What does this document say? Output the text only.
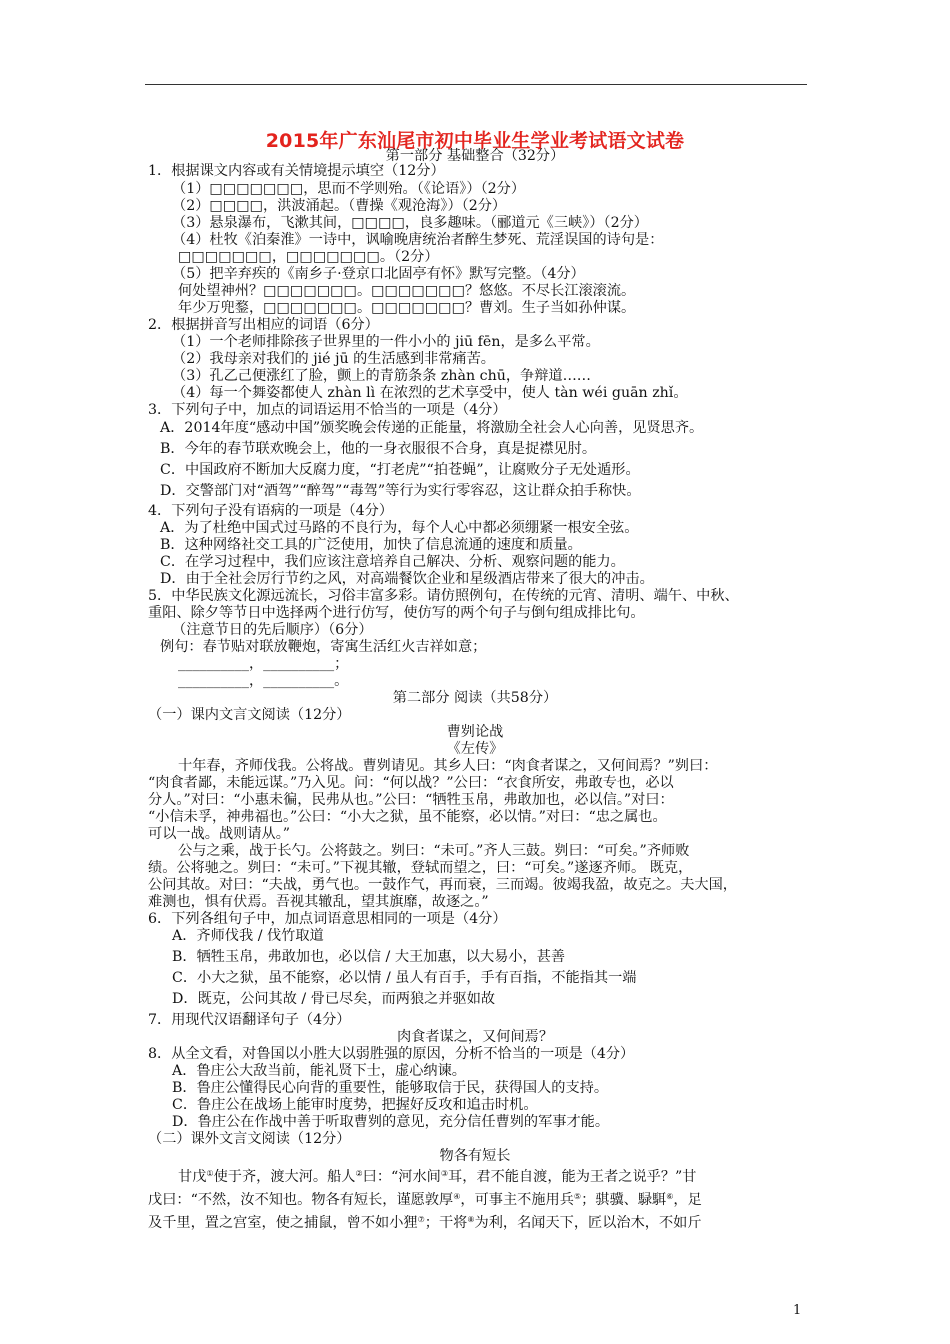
2015年广东汕尾市初中毕业生学业考试语文试卷
第一部分 基础整合（32分）
1．根据课文内容或有关情境提示填空（12分）
（1）□□□□□□□，思而不学则殆。（《论语》）（2分）
（2）□□□□，洪波涌起。（曹操《观沧海》）（2分）
（3）悬泉瀑布，飞漱其间，□□□□，良多趣味。（郦道元《三峡》）（2分）
（4）杜牧《泊秦淮》一诗中，讽喻晚唐统治者醉生梦死、荒淫误国的诗句是：
□□□□□□□，□□□□□□□。（2分）
（5）把辛弃疾的《南乡子·登京口北固亭有怀》默写完整。（4分）
何处望神州？□□□□□□□。□□□□□□□？悠悠。不尽长江滚滚流。
年少万兜鍪，□□□□□□□。□□□□□□□？曹刘。生子当如孙仲谋。
2．根据拼音写出相应的词语（6分）
（1）一个老师排除孩子世界里的一件小小的 jiū fēn，是多么平常。
（2）我母亲对我们的 jié jū 的生活感到非常痛苦。
（3）孔乙己便涨红了脸，颤上的青筋条条 zhàn chū，争辩道……
（4）每一个舞姿都使人 zhàn lì 在浓烈的艺术享受中，使人 tàn wéi guān zhǐ。
3．下列句子中，加点的词语运用不恰当的一项是（4分）
A．2014年度“感动中国”颁奖晚会传递的正能量，将激励全社会人心向善，见贤思齐。
B．今年的春节联欢晚会上，他的一身衣服很不合身，真是捉襟见肘。
C．中国政府不断加大反腐力度，“打老虎”“拍苍蝇”，让腐败分子无处遁形。
D．交警部门对“酒驾”“醉驾”“毒驾”等行为实行零容忍，这让群众拍手称快。
4．下列句子没有语病的一项是（4分）
A．为了杜绝中国式过马路的不良行为，每个人心中都必须绷紧一根安全弦。
B．这种网络社交工具的广泛使用，加快了信息流通的速度和质量。
C．在学习过程中，我们应该注意培养自己解决、分析、观察问题的能力。
D．由于全社会厉行节约之风，对高端餐饮企业和星级酒店带来了很大的冲击。
5．中华民族文化源远流长，习俗丰富多彩。请仿照例句，在传统的元宵、清明、端午、中秋、
重阳、除夕等节日中选择两个进行仿写，使仿写的两个句子与倒句组成排比句。
（注意节日的先后顺序）（6分）
例句：春节贴对联放鞭炮，寄寓生活红火吉祥如意；
__________，__________；
__________，__________。
第二部分 阅读（共58分）
（一）课内文言文阅读（12分）
曹刿论战
《左传》
十年春，齐师伐我。公将战。曹刿请见。其乡人曰：“肉食者谋之，又何间焉？”刿曰：
“肉食者鄙，未能远谋。”乃入见。问：“何以战？”公曰：“衣食所安，弗敢专也，必以
分人。”对曰：“小惠未徧，民弗从也。”公曰：“牺牲玉帛，弗敢加也，必以信。”对曰：
“小信未孚，神弗福也。”公曰：“小大之狱，虽不能察，必以情。”对曰：“忠之属也。
可以一战。战则请从。”
公与之乘，战于长勺。公将鼓之。刿曰：“未可。”齐人三鼓。刿曰：“可矣。”齐师败
绩。公将驰之。刿曰：“未可。”下视其辙，登轼而望之，曰：“可矣。”遂逐齐师。 既克，
公问其故。对曰：“夫战，勇气也。一鼓作气，再而衰，三而竭。彼竭我盈，故克之。夫大国，
难测也，惧有伏焉。吾视其辙乱，望其旗靡，故逐之。”
6．下列各组句子中，加点词语意思相同的一项是（4分）
A．齐师伐我 / 伐竹取道
B．牺牲玉帛，弗敢加也，必以信 / 大王加惠，以大易小，甚善
C．小大之狱，虽不能察，必以情 / 虽人有百手，手有百指，不能指其一端
D．既克，公问其故 / 骨已尽矣，而两狼之并驱如故
7．用现代汉语翻译句子（4分）
肉食者谋之，又何间焉？
8．从全文看，对鲁国以小胜大以弱胜强的原因，分析不恰当的一项是（4分）
A．鲁庄公大敌当前，能礼贤下士，虚心纳谏。
B．鲁庄公懂得民心向背的重要性，能够取信于民，获得国人的支持。
C．鲁庄公在战场上能审时度势，把握好反攻和追击时机。
D．鲁庄公在作战中善于听取曹刿的意见，充分信任曹刿的军事才能。
（二）课外文言文阅读（12分）
物各有短长
甘戊①使于齐，渡大河。船人②曰：“河水间③耳，君不能自渡，能为王者之说乎？”甘
戊曰：“不然，汝不知也。物各有短长，谨愿敦厚④，可事主不施用兵⑤；骐骥、騄駬⑥，足
及千里，置之宫室，使之捕鼠，曾不如小狸⑦；干将⑧为利，名闻天下，匠以治木，不如斤
1
